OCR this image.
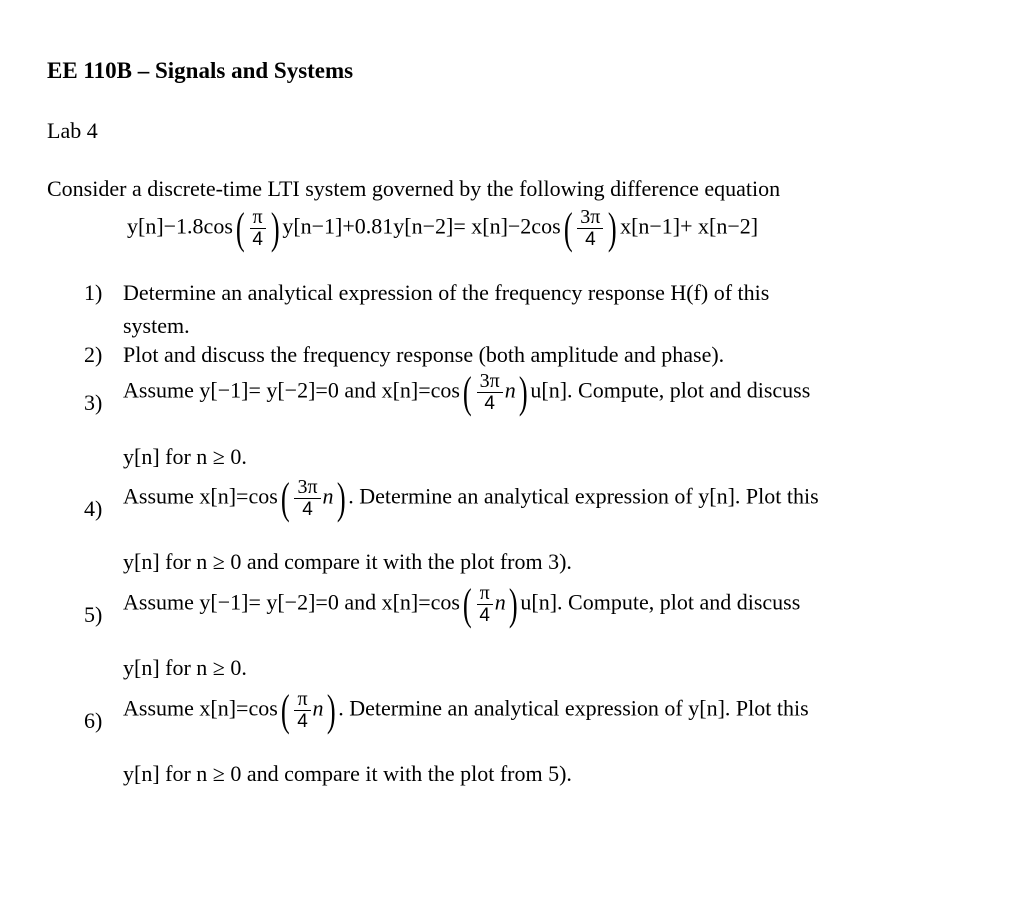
EE 110B – Signals and Systems
Lab 4
Consider a discrete-time LTI system governed by the following difference equation
$y[n]-1.8\cos( \frac{\pi}{4}$ ) $y[n-1]+0.81y[n-2]= x[n]-2\cos( \frac{3\pi}{4}$ ) x[n−1]+ x[n−2]
1) Determine an analytical expression of the frequency response H(f) of this
system.
2) Plot and discuss the frequency response (both amplitude and phase).
3) Assume y[−1]= y[−2]=0 and $x[n]=\cos( \frac{3\pi}{4} n)$ u[n]. Compute, plot and discuss
y[n] for n ≥ 0.
4) Assume $x[n]=\cos( \frac{3\pi}{4} n)$ . Determine an analytical expression of y[n]. Plot this
y[n] for n ≥ 0 and compare it with the plot from 3).
5) Assume y[−1]= y[−2]=0 and $x[n]=\cos( \frac{\pi}{4} n)$ u[n]. Compute, plot and discuss
y[n] for n ≥ 0.
6) Assume $x[n]=\cos( \frac{\pi}{4} n)$ . Determine an analytical expression of y[n]. Plot this
y[n] for n ≥ 0 and compare it with the plot from 5).
